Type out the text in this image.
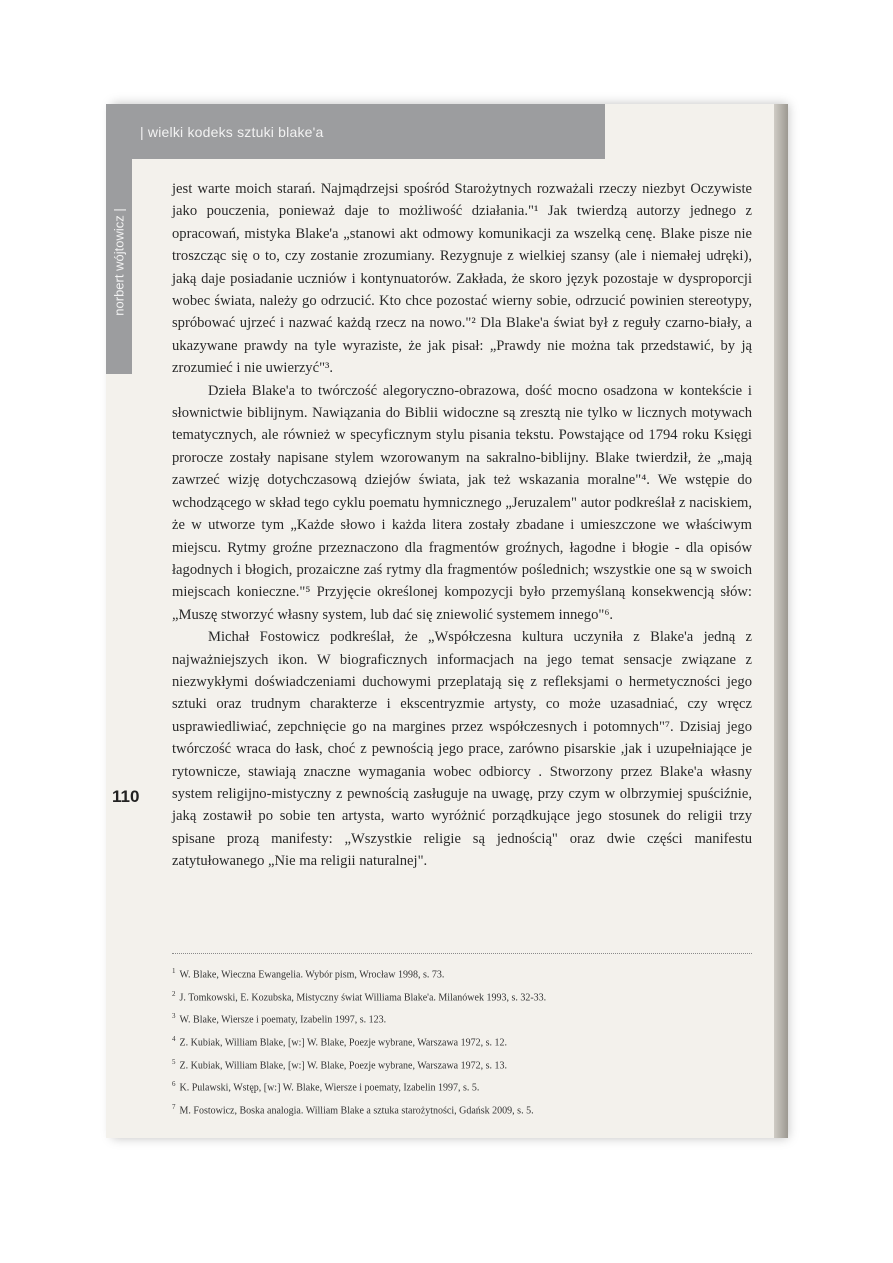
| wielki kodeks sztuki blake'a
norbert wójtowicz |
110

jest warte moich starań. Najmądrzejsi spośród Starożytnych rozważali rzeczy niezbyt Oczywiste jako pouczenia, ponieważ daje to możliwość działania."¹ Jak twierdzą autorzy jednego z opracowań, mistyka Blake'a „stanowi akt odmowy komunikacji za wszelką cenę. Blake pisze nie troszcząc się o to, czy zostanie zrozumiany. Rezygnuje z wielkiej szansy (ale i niemałej udręki), jaką daje posiadanie uczniów i kontynuatorów. Zakłada, że skoro język pozostaje w dysproporcji wobec świata, należy go odrzucić. Kto chce pozostać wierny sobie, odrzucić powinien stereotypy, spróbować ujrzeć i nazwać każdą rzecz na nowo."² Dla Blake'a świat był z reguły czarno-biały, a ukazywane prawdy na tyle wyraziste, że jak pisał: „Prawdy nie można tak przedstawić, by ją zrozumieć i nie uwierzyć"³.

Dzieła Blake'a to twórczość alegoryczno-obrazowa, dość mocno osadzona w kontekście i słownictwie biblijnym. Nawiązania do Biblii widoczne są zresztą nie tylko w licznych motywach tematycznych, ale również w specyficznym stylu pisania tekstu. Powstające od 1794 roku Księgi prorocze zostały napisane stylem wzorowanym na sakralno-biblijny. Blake twierdził, że „mają zawrzeć wizję dotychczasową dziejów świata, jak też wskazania moralne"⁴. We wstępie do wchodzącego w skład tego cyklu poematu hymnicznego „Jeruzalem" autor podkreślał z naciskiem, że w utworze tym „Każde słowo i każda litera zostały zbadane i umieszczone we właściwym miejscu. Rytmy groźne przeznaczono dla fragmentów groźnych, łagodne i błogie - dla opisów łagodnych i błogich, prozaiczne zaś rytmy dla fragmentów poślednich; wszystkie one są w swoich miejscach konieczne."⁵ Przyjęcie określonej kompozycji było przemyślaną konsekwencją słów: „Muszę stworzyć własny system, lub dać się zniewolić systemem innego"⁶.

Michał Fostowicz podkreślał, że „Współczesna kultura uczyniła z Blake'a jedną z najważniejszych ikon. W biograficznych informacjach na jego temat sensacje związane z niezwykłymi doświadczeniami duchowymi przeplatają się z refleksjami o hermetyczności jego sztuki oraz trudnym charakterze i ekscentryzmie artysty, co może uzasadniać, czy wręcz usprawiedliwiać, zepchnięcie go na margines przez współczesnych i potomnych"⁷. Dzisiaj jego twórczość wraca do łask, choć z pewnością jego prace, zarówno pisarskie ,jak i uzupełniające je rytownicze, stawiają znaczne wymagania wobec odbiorcy . Stworzony przez Blake'a własny system religijno-mistyczny z pewnością zasługuje na uwagę, przy czym w olbrzymiej spuściźnie, jaką zostawił po sobie ten artysta, warto wyróżnić porządkujące jego stosunek do religii trzy spisane prozą manifesty: „Wszystkie religie są jednością" oraz dwie części manifestu zatytułowanego „Nie ma religii naturalnej".

$^1$ W. Blake, Wieczna Ewangelia. Wybór pism, Wrocław 1998, s. 73.
$^2$ J. Tomkowski, E. Kozubska, Mistyczny świat Williama Blake'a. Milanówek 1993, s. 32-33.
$^3$ W. Blake, Wiersze i poematy, Izabelin 1997, s. 123.
$^4$ Z. Kubiak, William Blake, [w:] W. Blake, Poezje wybrane, Warszawa 1972, s. 12.
$^5$ Z. Kubiak, William Blake, [w:] W. Blake, Poezje wybrane, Warszawa 1972, s. 13.
$^6$ K. Pulawski, Wstęp, [w:] W. Blake, Wiersze i poematy, Izabelin 1997, s. 5.
$^7$ M. Fostowicz, Boska analogia. William Blake a sztuka starożytności, Gdańsk 2009, s. 5.
